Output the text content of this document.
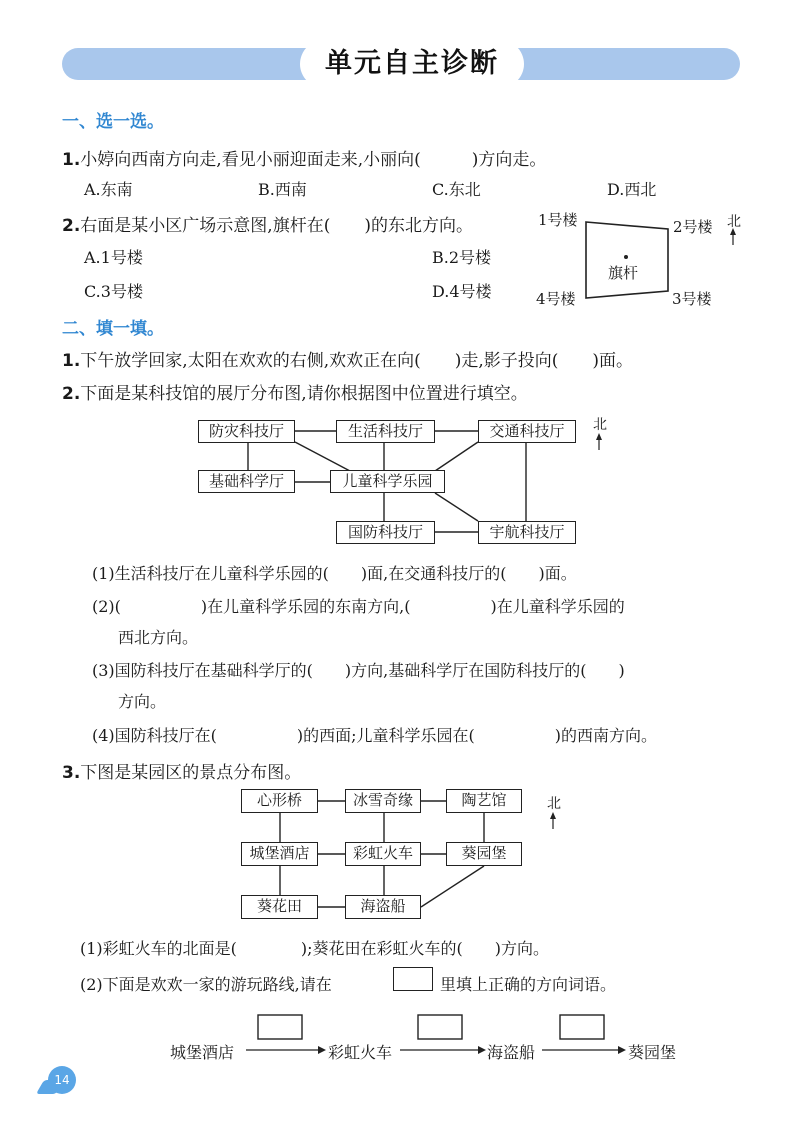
单元自主诊断
一、选一选。
1.小婷向西南方向走,看见小丽迎面走来,小丽向(　　　)方向走。
A.东南	B.西南	C.东北	D.西北
2.右面是某小区广场示意图,旗杆在(　　)的东北方向。
A.1号楼	B.2号楼
C.3号楼	D.4号楼
1号楼	2号楼
3号楼
4号楼
旗杆
北
二、填一填。
1.下午放学回家,太阳在欢欢的右侧,欢欢正在向(　　)走,影子投向(　　)面。
2.下面是某科技馆的展厅分布图,请你根据图中位置进行填空。
防灾科技厅	生活科技厅	交通科技厅
基础科学厅	儿童科学乐园
国防科技厅	宇航科技厅
北
(1)生活科技厅在儿童科学乐园的(　　)面,在交通科技厅的(　　)面。
(2)(　　　　　)在儿童科学乐园的东南方向,(　　　　　)在儿童科学乐园的
西北方向。
(3)国防科技厅在基础科学厅的(　　)方向,基础科学厅在国防科技厅的(　　)
方向。
(4)国防科技厅在(　　　　　)的西面;儿童科学乐园在(　　　　　)的西南方向。
3.下图是某园区的景点分布图。
心形桥	冰雪奇缘	陶艺馆
城堡酒店	彩虹火车	葵园堡
葵花田	海盗船
北
(1)彩虹火车的北面是(　　　　);葵花田在彩虹火车的(　　)方向。
(2)下面是欢欢一家的游玩路线,请在	里填上正确的方向词语。
城堡酒店	彩虹火车	海盗船	葵园堡
14
